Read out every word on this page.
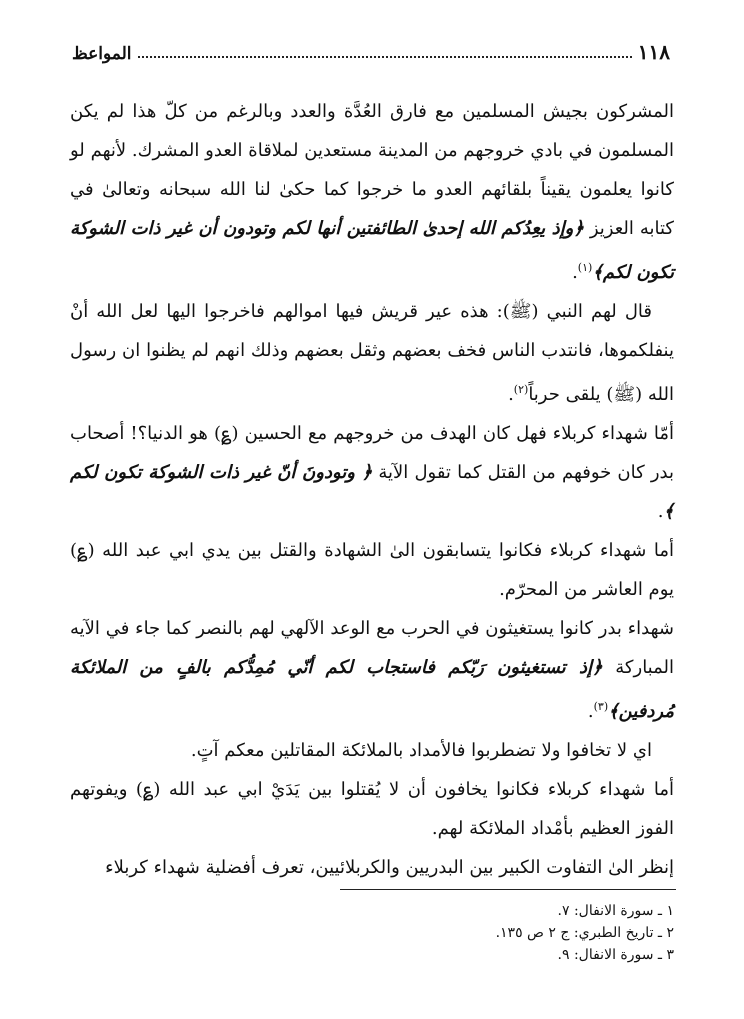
المواعظ	١١٨

المشركون بجيش المسلمين مع فارق العُدَّة والعدد وبالرغم من كلّ هذا لم يكن المسلمون في بادي خروجهم من المدينة مستعدين لملاقاة العدو المشرك. لأنهم لو كانوا يعلمون يقيناً بلقائهم العدو ما خرجوا كما حكىٰ لنا الله سبحانه وتعالىٰ في كتابه العزيز ﴿وإذ يعِدُكم الله إحدىٰ الطائفتين أنها لكم وتودون أن غير ذات الشوكة تكون لكم﴾$^{(١)}$.

قال لهم النبي (ﷺ): هذه عير قريش فيها اموالهم فاخرجوا اليها لعل الله أنْ ينفلكموها، فانتدب الناس فخف بعضهم وثقل بعضهم وذلك انهم لم يظنوا ان رسول الله (ﷺ) يلقى حرباً$^{(٢)}$.

أمّا شهداء كربلاء فهل كان الهدف من خروجهم مع الحسين (؏) هو الدنيا؟! أصحاب بدر كان خوفهم من القتل كما تقول الآية ﴿ وتودونَ أنّ غير ذات الشوكة تكون لكم ﴾.

أما شهداء كربلاء فكانوا يتسابقون الىٰ الشهادة والقتل بين يدي ابي عبد الله (؏) يوم العاشر من المحرّم.

شهداء بدر كانوا يستغيثون في الحرب مع الوعد الآلهي لهم بالنصر كما جاء في الآيه المباركة ﴿إذ تستغيثون رَبّكم فاستجاب لكم أنّي مُمِدُّكم بالفٍ من الملائكة مُردفين﴾$^{(٣)}$.

اي لا تخافوا ولا تضطربوا فالأمداد بالملائكة المقاتلين معكم آتٍ.

أما شهداء كربلاء فكانوا يخافون أن لا يُقتلوا بين يَدَيْ ابي عبد الله (؏) ويفوتهم الفوز العظيم بأمْداد الملائكة لهم.

إنظر الىٰ التفاوت الكبير بين البدريين والكربلائيين، تعرف أفضلية شهداء كربلاء

١ ـ سورة الانفال: ٧.

٢ ـ تاريخ الطبري: ج ٢ ص ١٣٥.

٣ ـ سورة الانفال: ٩.
